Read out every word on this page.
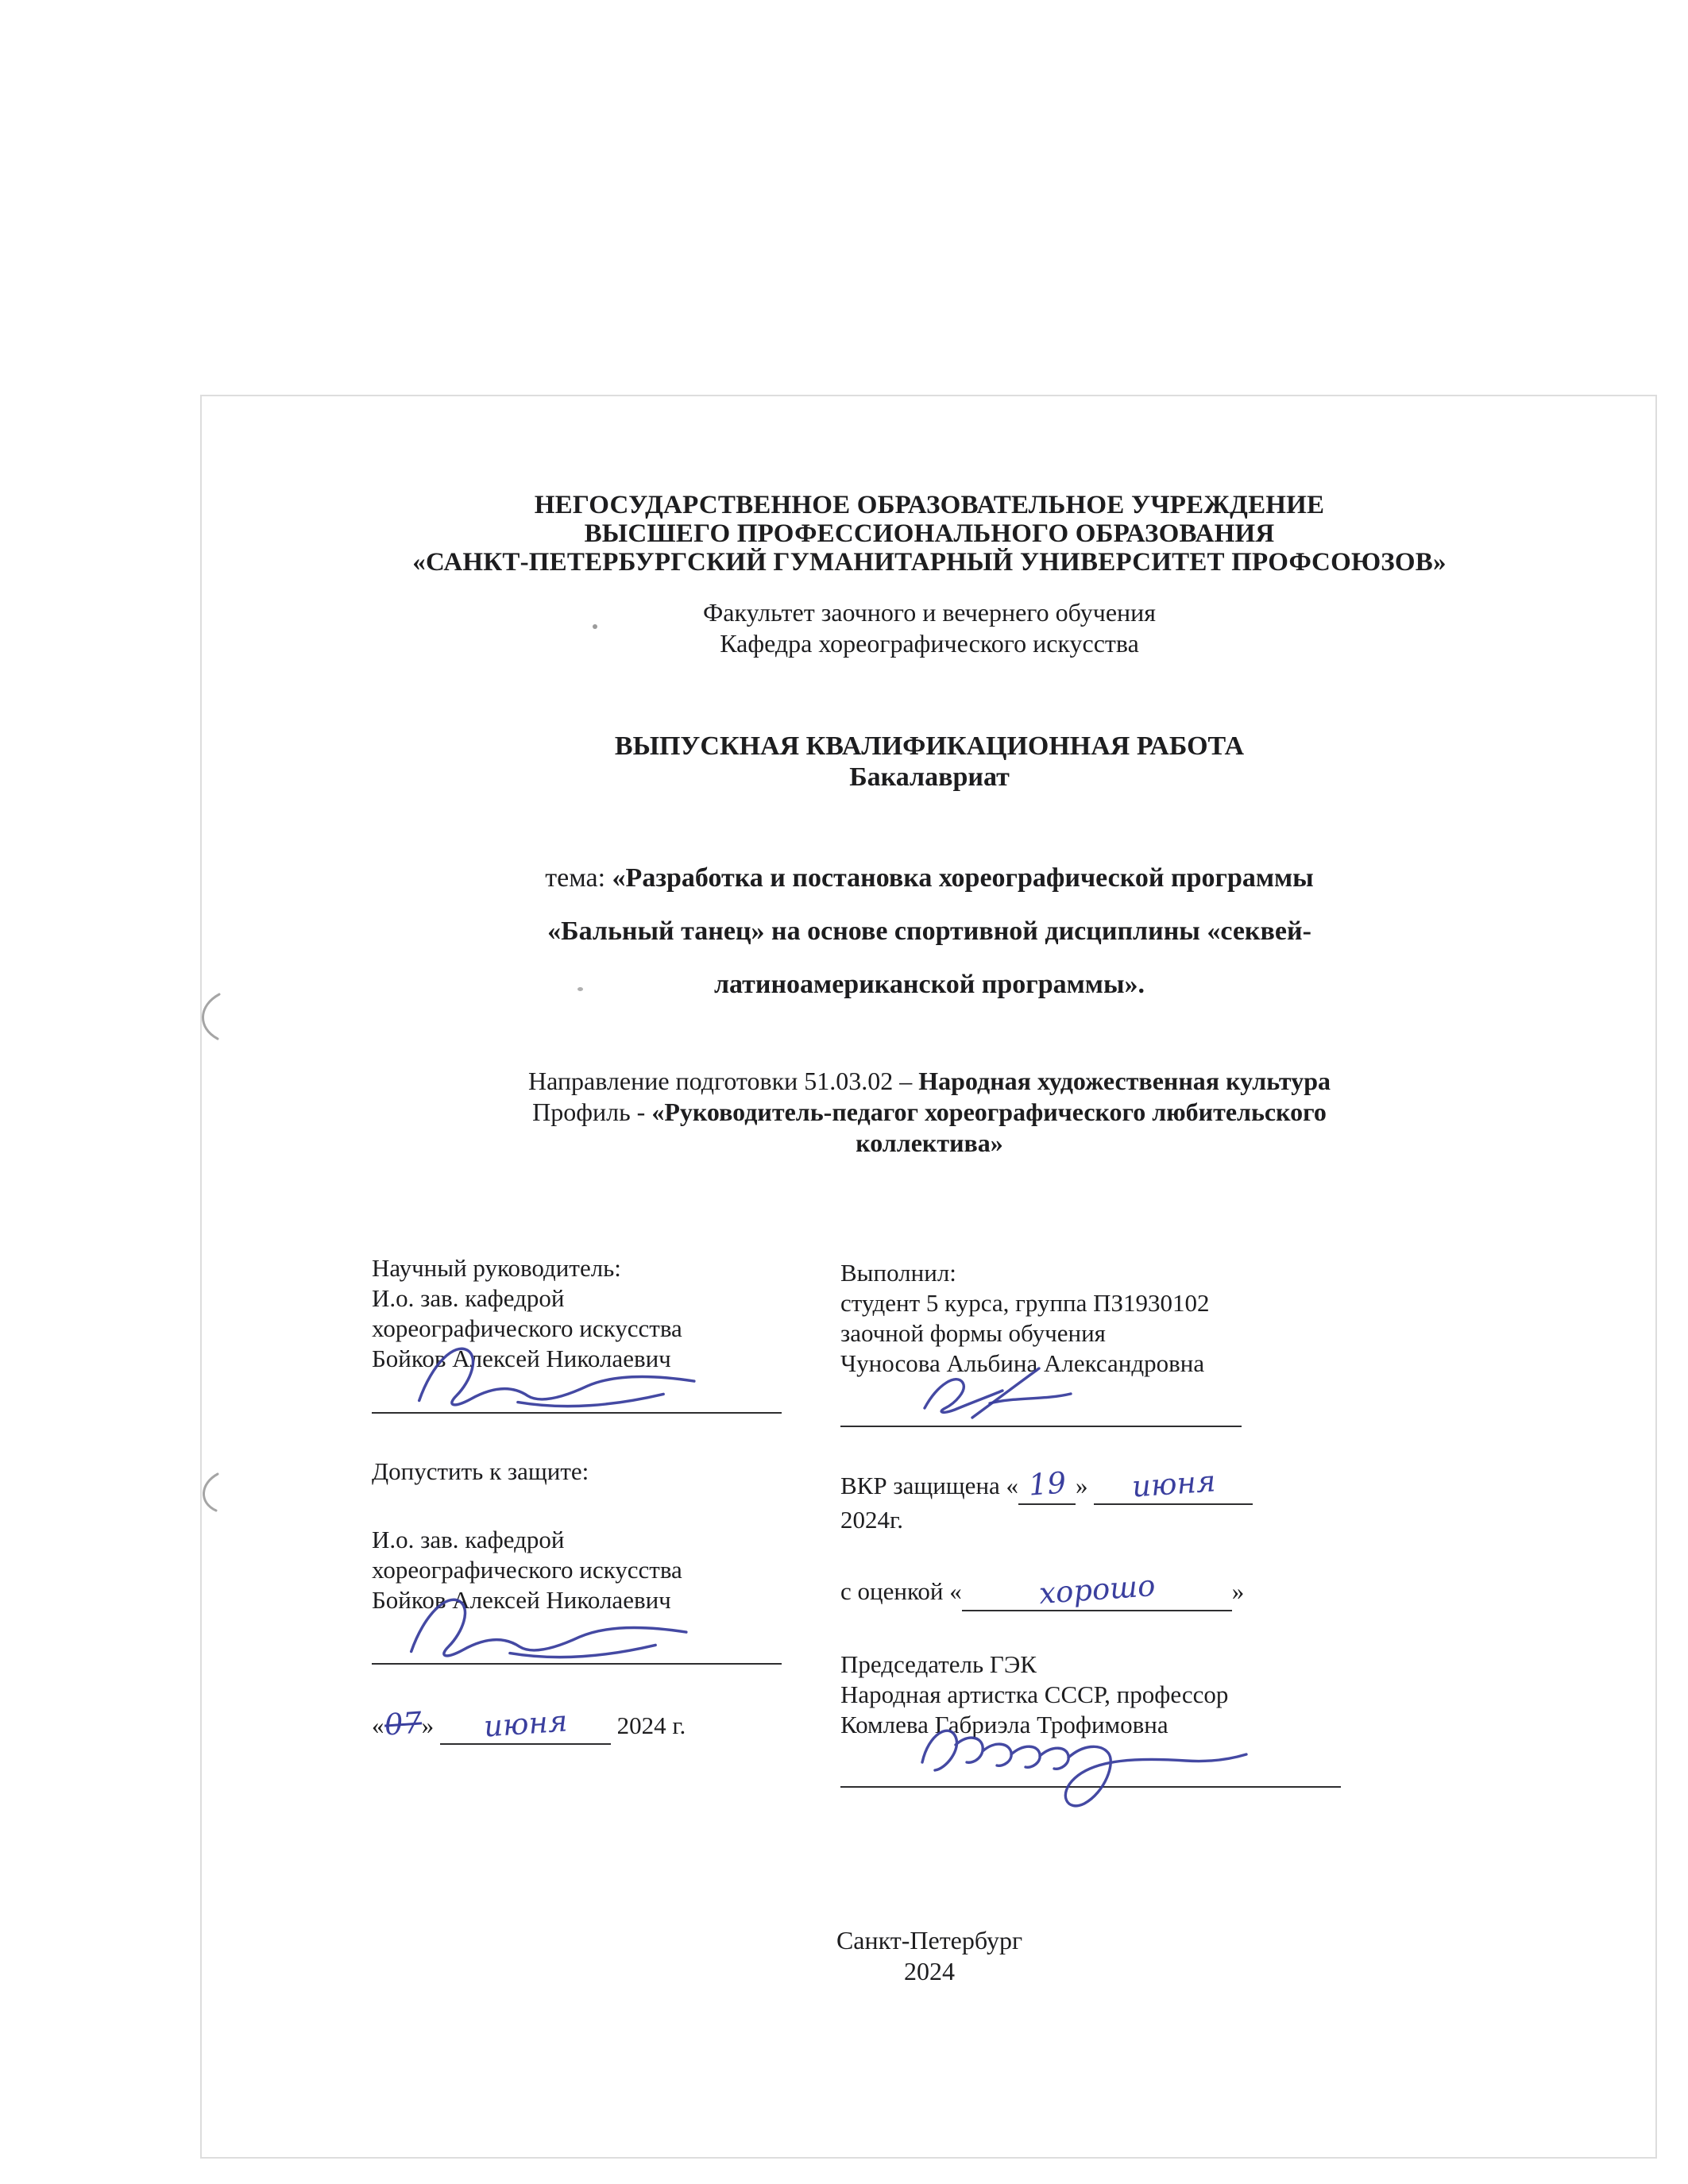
НЕГОСУДАРСТВЕННОЕ ОБРАЗОВАТЕЛЬНОЕ УЧРЕЖДЕНИЕ
ВЫСШЕГО ПРОФЕССИОНАЛЬНОГО ОБРАЗОВАНИЯ
«САНКТ-ПЕТЕРБУРГСКИЙ ГУМАНИТАРНЫЙ УНИВЕРСИТЕТ ПРОФСОЮЗОВ»
Факультет заочного и вечернего обучения
Кафедра хореографического искусства
ВЫПУСКНАЯ КВАЛИФИКАЦИОННАЯ РАБОТА
Бакалавриат
тема: «Разработка и постановка хореографической программы
«Бальный танец» на основе спортивной дисциплины «секвей-
латиноамериканской программы».
Направление подготовки 51.03.02 – Народная художественная культура
Профиль - «Руководитель-педагог хореографического любительского
коллектива»
Научный руководитель:
И.о. зав. кафедрой
хореографического искусства
Бойков Алексей Николаевич
Допустить к защите:
И.о. зав. кафедрой
хореографического искусства
Бойков Алексей Николаевич
«07» июня 2024 г.
Выполнил:
студент 5 курса, группа ПЗ1930102
заочной формы обучения
Чуносова Альбина Александровна
ВКР защищена « 19 » июня
2024г.
с оценкой «	хорошо	»
Председатель ГЭК
Народная артистка СССР, профессор
Комлева Габриэла Трофимовна
Санкт-Петербург
2024
